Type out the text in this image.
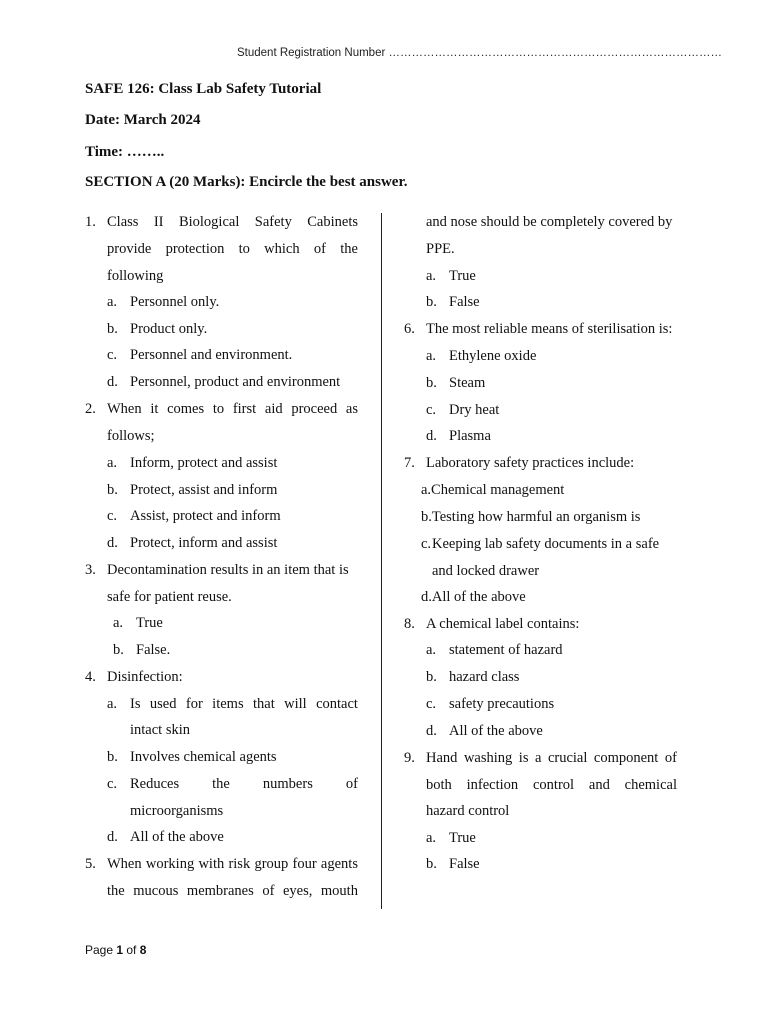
Student Registration Number ……………………………………………………………………………
SAFE 126: Class Lab Safety Tutorial
Date: March 2024
Time: ……..
SECTION A (20 Marks): Encircle the best answer.
1. Class II Biological Safety Cabinets
provide protection to which of the
following
a. Personnel only.
b. Product only.
c. Personnel and environment.
d. Personnel, product and environment
2. When it comes to first aid proceed as
follows;
a. Inform, protect and assist
b. Protect, assist and inform
c. Assist, protect and inform
d. Protect, inform and assist
3. Decontamination results in an item that is
safe for patient reuse.
a. True
b. False.
4. Disinfection:
a. Is used for items that will contact
intact skin
b. Involves chemical agents
c. Reduces the numbers of
microorganisms
d. All of the above
5. When working with risk group four agents
the mucous membranes of eyes, mouth
and nose should be completely covered by
PPE.
a. True
b. False
6. The most reliable means of sterilisation is:
a. Ethylene oxide
b. Steam
c. Dry heat
d. Plasma
7. Laboratory safety practices include:
a.Chemical management
b.Testing how harmful an organism is
c. Keeping lab safety documents in a safe
and locked drawer
d.All of the above
8. A chemical label contains:
a. statement of hazard
b. hazard class
c. safety precautions
d. All of the above
9. Hand washing is a crucial component of
both infection control and chemical
hazard control
a. True
b. False
Page 1 of 8
